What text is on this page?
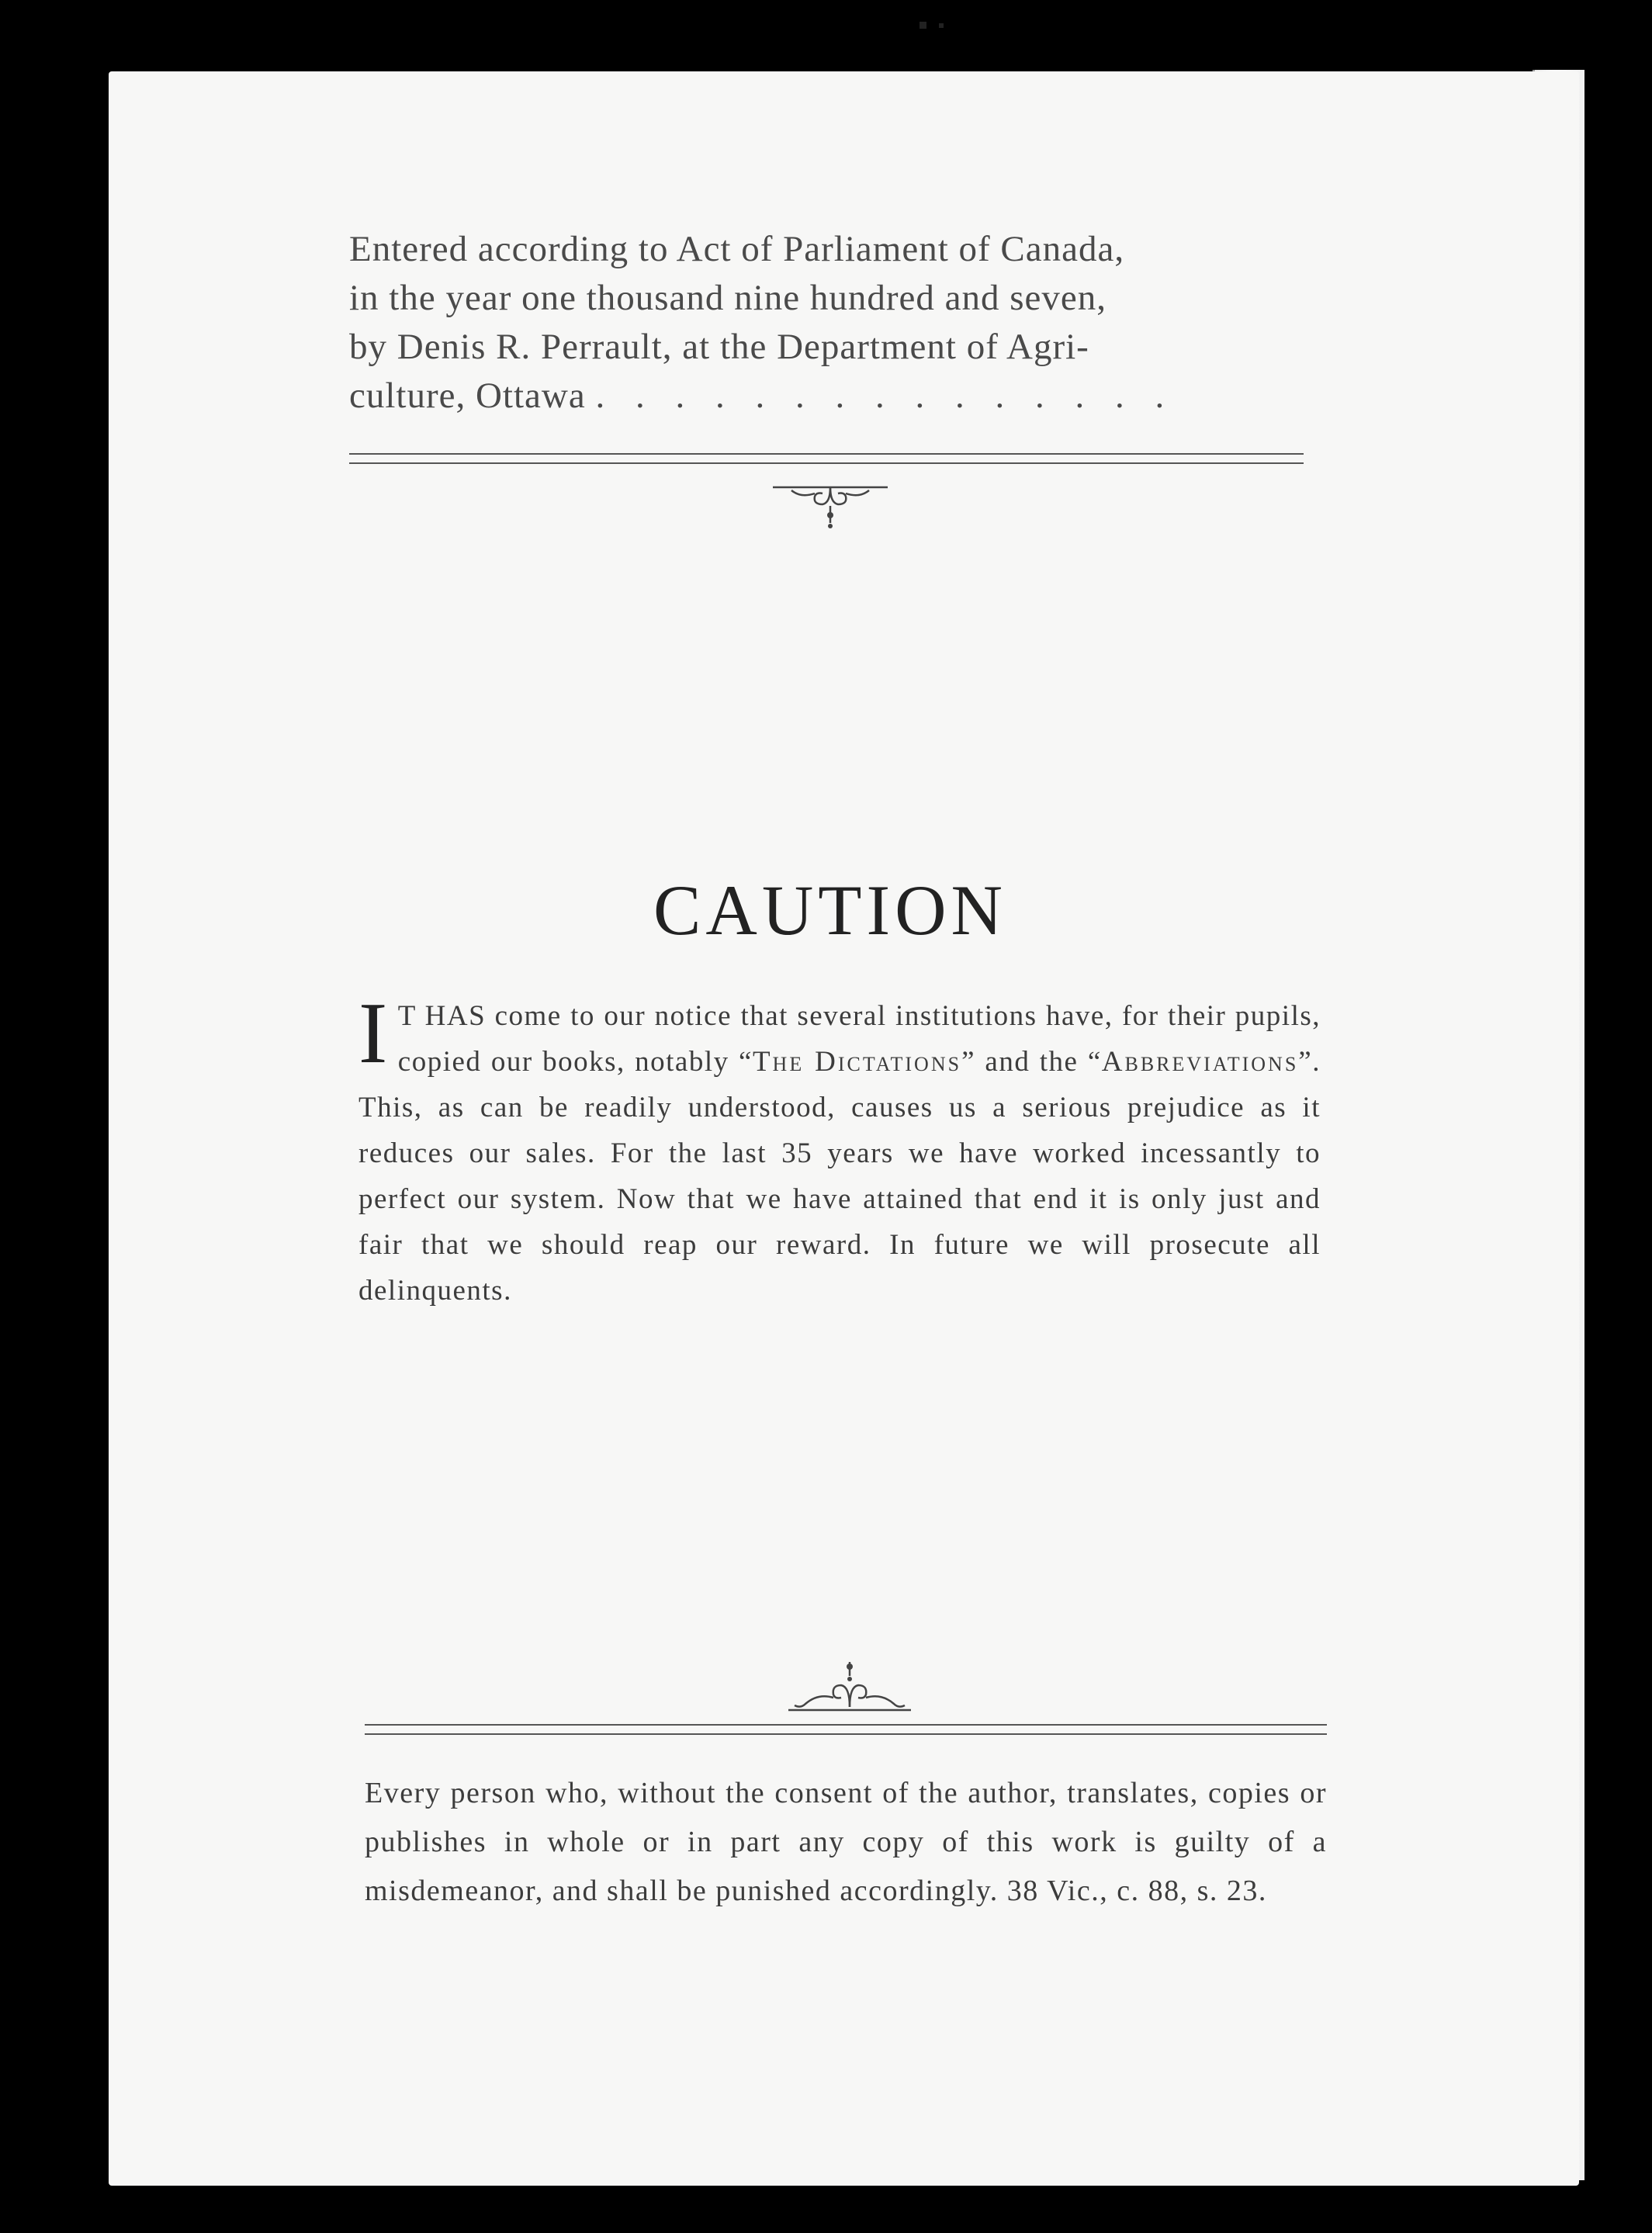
Entered according to Act of Parliament of Canada,
in the year one thousand nine hundred and seven,
by Denis R. Perrault, at the Department of Agri-
culture, Ottawa . . . . . . . . . . . . . . .
CAUTION
I T HAS come to our notice that several institutions have, for their pupils, copied our books, notably “The Dictations” and the “Abbreviations”. This, as can be readily understood, causes us a serious prejudice as it reduces our sales. For the last 35 years we have worked incessantly to perfect our system. Now that we have attained that end it is only just and fair that we should reap our reward. In future we will prosecute all delinquents.
Every person who, without the consent of the author, translates, copies or publishes in whole or in part any copy of this work is guilty of a misdemeanor, and shall be punished accordingly. 38 Vic., c. 88, s. 23.
